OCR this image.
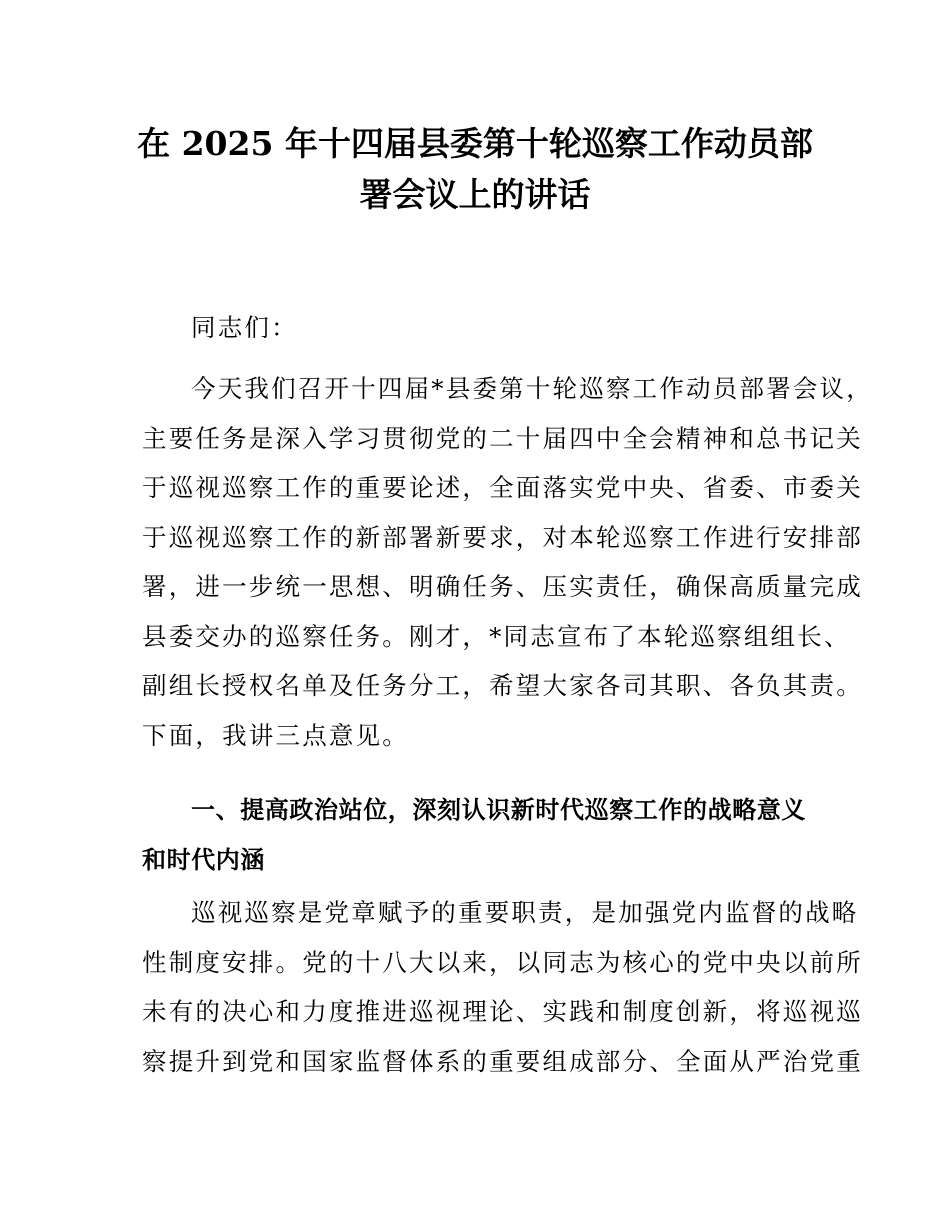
在 2025 年十四届县委第十轮巡察工作动员部
署会议上的讲话

同志们：

今天我们召开十四届*县委第十轮巡察工作动员部署会议，
主要任务是深入学习贯彻党的二十届四中全会精神和总书记关
于巡视巡察工作的重要论述，全面落实党中央、省委、市委关
于巡视巡察工作的新部署新要求，对本轮巡察工作进行安排部
署，进一步统一思想、明确任务、压实责任，确保高质量完成
县委交办的巡察任务。刚才，*同志宣布了本轮巡察组组长、
副组长授权名单及任务分工，希望大家各司其职、各负其责。
下面，我讲三点意见。

一、提高政治站位，深刻认识新时代巡察工作的战略意义
和时代内涵

巡视巡察是党章赋予的重要职责，是加强党内监督的战略
性制度安排。党的十八大以来，以同志为核心的党中央以前所
未有的决心和力度推进巡视理论、实践和制度创新，将巡视巡
察提升到党和国家监督体系的重要组成部分、全面从严治党重
